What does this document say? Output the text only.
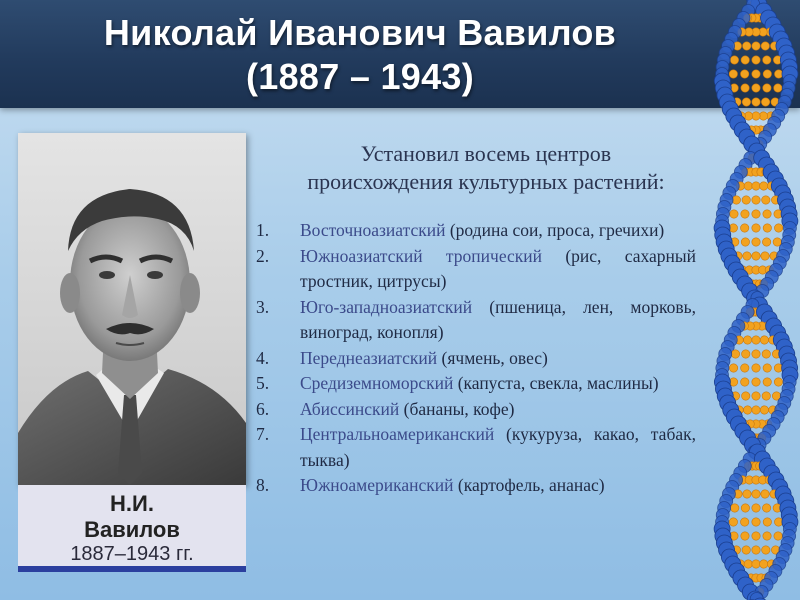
Николай Иванович Вавилов
(1887 – 1943)
Н.И.
Вавилов
1887–1943 гг.
Установил восемь центров
происхождения культурных растений:
1.	Восточноазиатский (родина сои, проса, гречихи)
2.	Южноазиатский тропический (рис, сахарный тростник, цитрусы)
3.	Юго-западноазиатский (пшеница, лен, морковь, виноград, конопля)
4.	Переднеазиатский (ячмень, овес)
5.	Средиземноморский (капуста, свекла, маслины)
6.	Абиссинский (бананы, кофе)
7.	Центральноамериканский (кукуруза, какао, табак, тыква)
8.	Южноамериканский (картофель, ананас)
